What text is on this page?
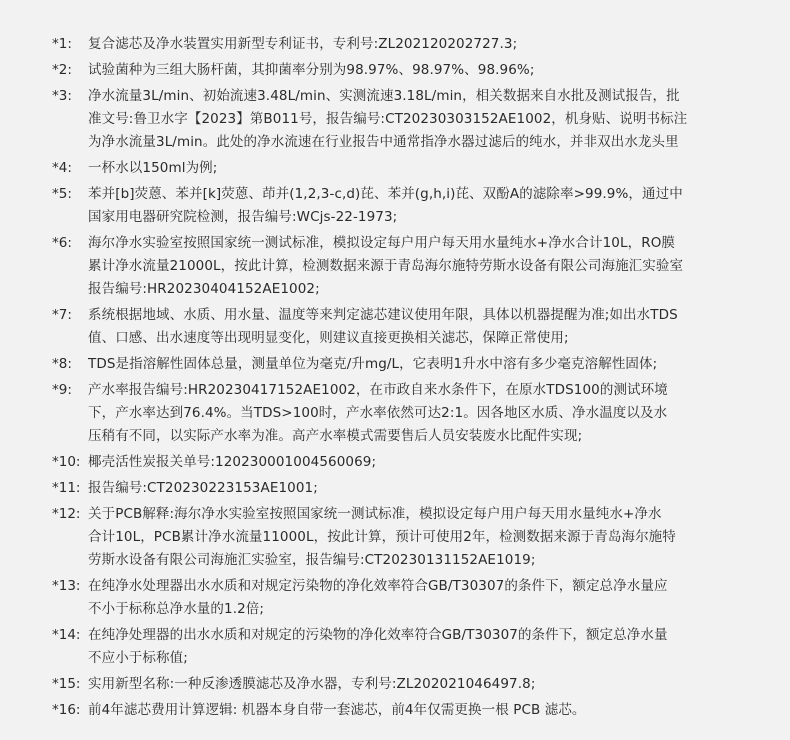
*1:	复合滤芯及净水装置实用新型专利证书，专利号:ZL202120202727.3;
*2:	试验菌种为三组大肠杆菌，其抑菌率分别为98.97%、98.97%、98.96%;
*3:	净水流量3L/min、初始流速3.48L/min、实测流速3.18L/min，相关数据来自水批及测试报告，批
准文号:鲁卫水字【2023】第B011号，报告编号:CT20230303152AE1002，机身贴、说明书标注
为净水流量3L/min。此处的净水流速在行业报告中通常指净水器过滤后的纯水，并非双出水龙头里
*4:	一杯水以150ml为例;
*5:	苯并[b]荧蒽、苯并[k]荧蒽、茚并(1,2,3-c,d)芘、苯并(g,h,i)芘、双酚A的滤除率>99.9%，通过中
国家用电器研究院检测，报告编号:WCjs-22-1973;
*6:	海尔净水实验室按照国家统一测试标准，模拟设定每户用户每天用水量纯水+净水合计10L，RO膜
累计净水流量21000L，按此计算，检测数据来源于青岛海尔施特劳斯水设备有限公司海施汇实验室
报告编号:HR20230404152AE1002;
*7:	系统根据地域、水质、用水量、温度等来判定滤芯建议使用年限，具体以机器提醒为准;如出水TDS
值、口感、出水速度等出现明显变化，则建议直接更换相关滤芯，保障正常使用;
*8:	TDS是指溶解性固体总量，测量单位为毫克/升mg/L，它表明1升水中溶有多少毫克溶解性固体;
*9:	产水率报告编号:HR20230417152AE1002，在市政自来水条件下，在原水TDS100的测试环境
下，产水率达到76.4%。当TDS>100时，产水率依然可达2:1。因各地区水质、净水温度以及水
压稍有不同，以实际产水率为准。高产水率模式需要售后人员安装废水比配件实现;
*10: 椰壳活性炭报关单号:120230001004560069;
*11: 报告编号:CT20230223153AE1001;
*12: 关于PCB解释:海尔净水实验室按照国家统一测试标准，模拟设定每户用户每天用水量纯水+净水
合计10L，PCB累计净水流量11000L，按此计算，预计可使用2年，检测数据来源于青岛海尔施特
劳斯水设备有限公司海施汇实验室，报告编号:CT20230131152AE1019;
*13: 在纯净水处理器出水水质和对规定污染物的净化效率符合GB/T30307的条件下，额定总净水量应
不小于标称总净水量的1.2倍;
*14: 在纯净处理器的出水水质和对规定的污染物的净化效率符合GB/T30307的条件下，额定总净水量
不应小于标称值;
*15: 实用新型名称:一种反渗透膜滤芯及净水器，专利号:ZL202021046497.8;
*16: 前4年滤芯费用计算逻辑: 机器本身自带一套滤芯，前4年仅需更换一根 PCB 滤芯。
